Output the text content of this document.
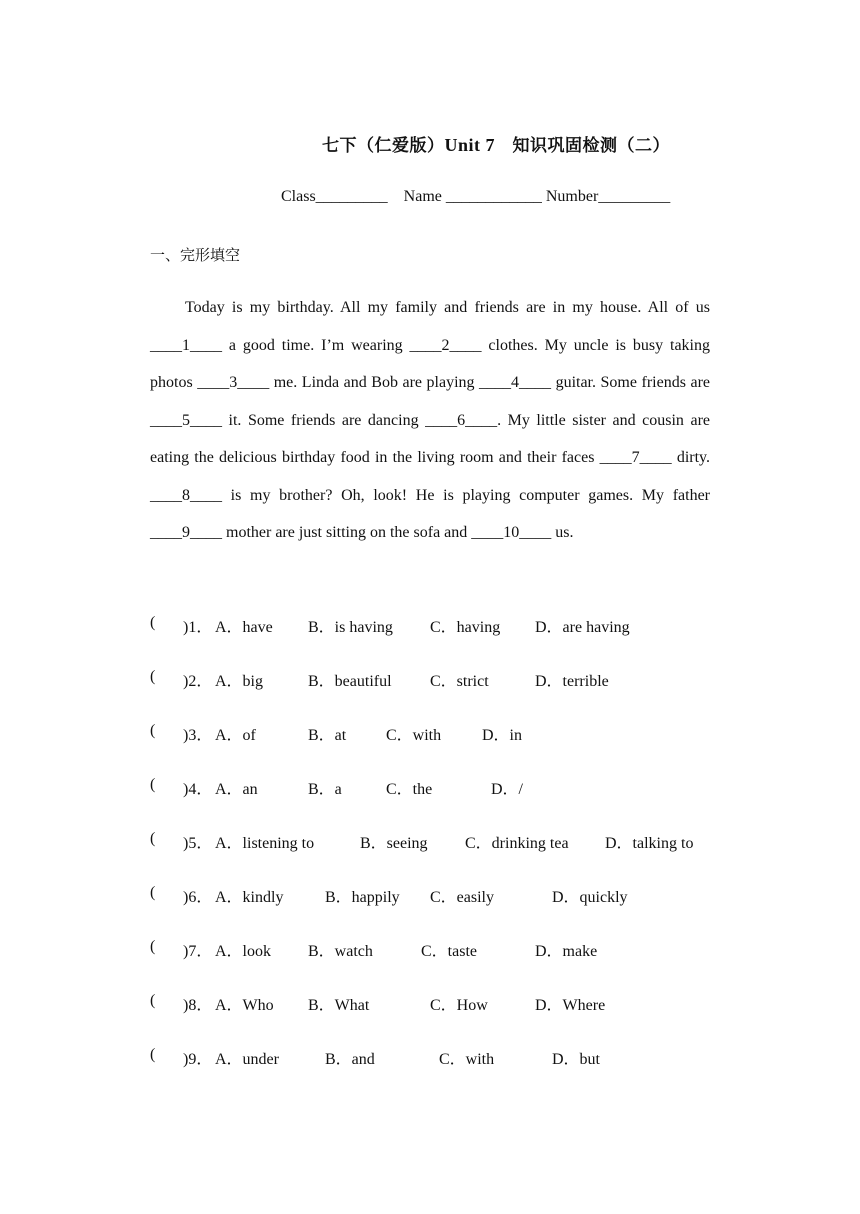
七下（仁爱版）Unit 7  知识巩固检测（二）
Class_________ Name ____________ Number_________
一、完形填空

Today is my birthday. All my family and friends are in my house. All of us ____1____ a good time. I’m wearing ____2____ clothes. My uncle is busy taking photos ____3____ me. Linda and Bob are playing ____4____ guitar. Some friends are ____5____ it. Some friends are dancing ____6____. My little sister and cousin are eating the delicious birthday food in the living room and their faces ____7____ dirty. ____8____ is my brother? Oh, look! He is playing computer games. My father ____9____ mother are just sitting on the sofa and ____10____ us.

( )1． A．have B．is having C．having D．are having
( )2． A．big	B．beautiful C．strict	D．terrible
( )3． A．of	B．at C．with	D．in
( )4． A．an	B．a	C．the	D．/
( )5． A．listening to	B．seeing C．drinking tea D．talking to
( )6． A．kindly	B．happily C．easily	D．quickly
( )7． A．look B．watch	C．taste	D．make
( )8． A．Who B．What	C．How	D．Where
( )9． A．under	B．and	C．with	D．but
